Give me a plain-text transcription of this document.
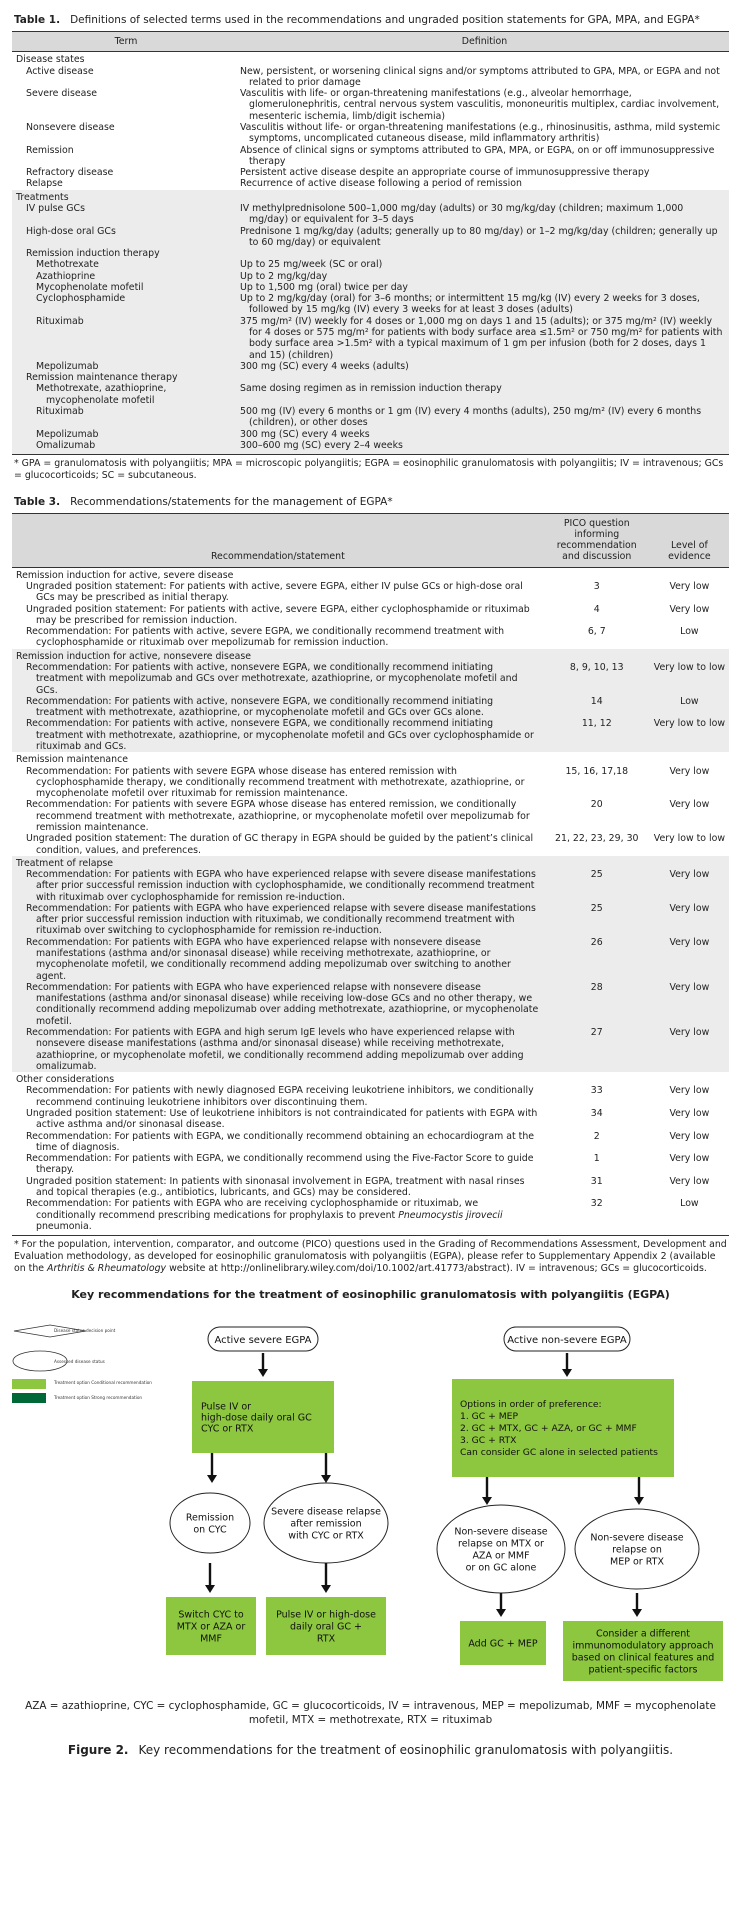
Table 1. Definitions of selected terms used in the recommendations and ungraded position statements for GPA, MPA, and EGPA*
Term	Definition
Disease states	
Active disease	New, persistent, or worsening clinical signs and/or symptoms attributed to GPA, MPA, or EGPA and not related to prior damage
Severe disease	Vasculitis with life- or organ-threatening manifestations (e.g., alveolar hemorrhage, glomerulonephritis, central nervous system vasculitis, mononeuritis multiplex, cardiac involvement, mesenteric ischemia, limb/digit ischemia)
Nonsevere disease	Vasculitis without life- or organ-threatening manifestations (e.g., rhinosinusitis, asthma, mild systemic symptoms, uncomplicated cutaneous disease, mild inflammatory arthritis)
Remission	Absence of clinical signs or symptoms attributed to GPA, MPA, or EGPA, on or off immunosuppressive therapy
Refractory disease	Persistent active disease despite an appropriate course of immunosuppressive therapy
Relapse	Recurrence of active disease following a period of remission
Treatments	
IV pulse GCs	IV methylprednisolone 500–1,000 mg/day (adults) or 30 mg/kg/day (children; maximum 1,000 mg/day) or equivalent for 3–5 days
High-dose oral GCs	Prednisone 1 mg/kg/day (adults; generally up to 80 mg/day) or 1–2 mg/kg/day (children; generally up to 60 mg/day) or equivalent
Remission induction therapy	
Methotrexate	Up to 25 mg/week (SC or oral)
Azathioprine	Up to 2 mg/kg/day
Mycophenolate mofetil	Up to 1,500 mg (oral) twice per day
Cyclophosphamide	Up to 2 mg/kg/day (oral) for 3–6 months; or intermittent 15 mg/kg (IV) every 2 weeks for 3 doses, followed by 15 mg/kg (IV) every 3 weeks for at least 3 doses (adults)
Rituximab	375 mg/m² (IV) weekly for 4 doses or 1,000 mg on days 1 and 15 (adults); or 375 mg/m² (IV) weekly for 4 doses or 575 mg/m² for patients with body surface area ≤1.5m² or 750 mg/m² for patients with body surface area >1.5m² with a typical maximum of 1 gm per infusion (both for 2 doses, days 1 and 15) (children)
Mepolizumab	300 mg (SC) every 4 weeks (adults)
Remission maintenance therapy	
Methotrexate, azathioprine, mycophenolate mofetil	Same dosing regimen as in remission induction therapy
Rituximab	500 mg (IV) every 6 months or 1 gm (IV) every 4 months (adults), 250 mg/m² (IV) every 6 months (children), or other doses
Mepolizumab	300 mg (SC) every 4 weeks
Omalizumab	300–600 mg (SC) every 2–4 weeks
* GPA = granulomatosis with polyangiitis; MPA = microscopic polyangiitis; EGPA = eosinophilic granulomatosis with polyangiitis; IV = intravenous; GCs = glucocorticoids; SC = subcutaneous.
Table 3. Recommendations/statements for the management of EGPA*
Recommendation/statement	PICO question informing recommendation and discussion	Level of evidence
Remission induction for active, severe disease		
Ungraded position statement: For patients with active, severe EGPA, either IV pulse GCs or high-dose oral GCs may be prescribed as initial therapy.	3	Very low
Ungraded position statement: For patients with active, severe EGPA, either cyclophosphamide or rituximab may be prescribed for remission induction.	4	Very low
Recommendation: For patients with active, severe EGPA, we conditionally recommend treatment with cyclophosphamide or rituximab over mepolizumab for remission induction.	6, 7	Low
Remission induction for active, nonsevere disease		
Recommendation: For patients with active, nonsevere EGPA, we conditionally recommend initiating treatment with mepolizumab and GCs over methotrexate, azathioprine, or mycophenolate mofetil and GCs.	8, 9, 10, 13	Very low to low
Recommendation: For patients with active, nonsevere EGPA, we conditionally recommend initiating treatment with methotrexate, azathioprine, or mycophenolate mofetil and GCs over GCs alone.	14	Low
Recommendation: For patients with active, nonsevere EGPA, we conditionally recommend initiating treatment with methotrexate, azathioprine, or mycophenolate mofetil and GCs over cyclophosphamide or rituximab and GCs.	11, 12	Very low to low
Remission maintenance		
Recommendation: For patients with severe EGPA whose disease has entered remission with cyclophosphamide therapy, we conditionally recommend treatment with methotrexate, azathioprine, or mycophenolate mofetil over rituximab for remission maintenance.	15, 16, 17,18	Very low
Recommendation: For patients with severe EGPA whose disease has entered remission, we conditionally recommend treatment with methotrexate, azathioprine, or mycophenolate mofetil over mepolizumab for remission maintenance.	20	Very low
Ungraded position statement: The duration of GC therapy in EGPA should be guided by the patient’s clinical condition, values, and preferences.	21, 22, 23, 29, 30	Very low to low
Treatment of relapse		
Recommendation: For patients with EGPA who have experienced relapse with severe disease manifestations after prior successful remission induction with cyclophosphamide, we conditionally recommend treatment with rituximab over cyclophosphamide for remission re-induction.	25	Very low
Recommendation: For patients with EGPA who have experienced relapse with severe disease manifestations after prior successful remission induction with rituximab, we conditionally recommend treatment with rituximab over switching to cyclophosphamide for remission re-induction.	25	Very low
Recommendation: For patients with EGPA who have experienced relapse with nonsevere disease manifestations (asthma and/or sinonasal disease) while receiving methotrexate, azathioprine, or mycophenolate mofetil, we conditionally recommend adding mepolizumab over switching to another agent.	26	Very low
Recommendation: For patients with EGPA who have experienced relapse with nonsevere disease manifestations (asthma and/or sinonasal disease) while receiving low-dose GCs and no other therapy, we conditionally recommend adding mepolizumab over adding methotrexate, azathioprine, or mycophenolate mofetil.	28	Very low
Recommendation: For patients with EGPA and high serum IgE levels who have experienced relapse with nonsevere disease manifestations (asthma and/or sinonasal disease) while receiving methotrexate, azathioprine, or mycophenolate mofetil, we conditionally recommend adding mepolizumab over adding omalizumab.	27	Very low
Other considerations		
Recommendation: For patients with newly diagnosed EGPA receiving leukotriene inhibitors, we conditionally recommend continuing leukotriene inhibitors over discontinuing them.	33	Very low
Ungraded position statement: Use of leukotriene inhibitors is not contraindicated for patients with EGPA with active asthma and/or sinonasal disease.	34	Very low
Recommendation: For patients with EGPA, we conditionally recommend obtaining an echocardiogram at the time of diagnosis.	2	Very low
Recommendation: For patients with EGPA, we conditionally recommend using the Five-Factor Score to guide therapy.	1	Very low
Ungraded position statement: In patients with sinonasal involvement in EGPA, treatment with nasal rinses and topical therapies (e.g., antibiotics, lubricants, and GCs) may be considered.	31	Very low
Recommendation: For patients with EGPA who are receiving cyclophosphamide or rituximab, we conditionally recommend prescribing medications for prophylaxis to prevent Pneumocystis jirovecii pneumonia.	32	Low
* For the population, intervention, comparator, and outcome (PICO) questions used in the Grading of Recommendations Assessment, Development and Evaluation methodology, as developed for eosinophilic granulomatosis with polyangiitis (EGPA), please refer to Supplementary Appendix 2 (available on the Arthritis & Rheumatology website at http://onlinelibrary.wiley.com/doi/10.1002/art.41773/abstract). IV = intravenous; GCs = glucocorticoids.
Key recommendations for the treatment of eosinophilic granulomatosis with polyangiitis (EGPA)
Disease status decision point
Assessed disease status
Treatment option Conditional recommendation
Treatment option Strong recommendation
Active severe EGPA	Active non-severe EGPA
Pulse IV or
high-dose daily oral GC
CYC or RTX
Options in order of preference:
1. GC + MEP
2. GC + MTX, GC + AZA, or GC + MMF
3. GC + RTX
Can consider GC alone in selected patients
Remission
on CYC
Severe disease relapse
after remission
with CYC or RTX	Non-severe disease
relapse on MTX or
AZA or MMF
or on GC alone
Non-severe disease
relapse on
MEP or RTX
Switch CYC to
MTX or AZA or
MMF
Pulse IV or high-dose
daily oral GC +
RTX	Add GC + MEP
Consider a different
immunomodulatory approach
based on clinical features and
patient-specific factors
AZA = azathioprine, CYC = cyclophosphamide, GC = glucocorticoids, IV = intravenous, MEP = mepolizumab, MMF = mycophenolate mofetil, MTX = methotrexate, RTX = rituximab
Figure 2. Key recommendations for the treatment of eosinophilic granulomatosis with polyangiitis.
